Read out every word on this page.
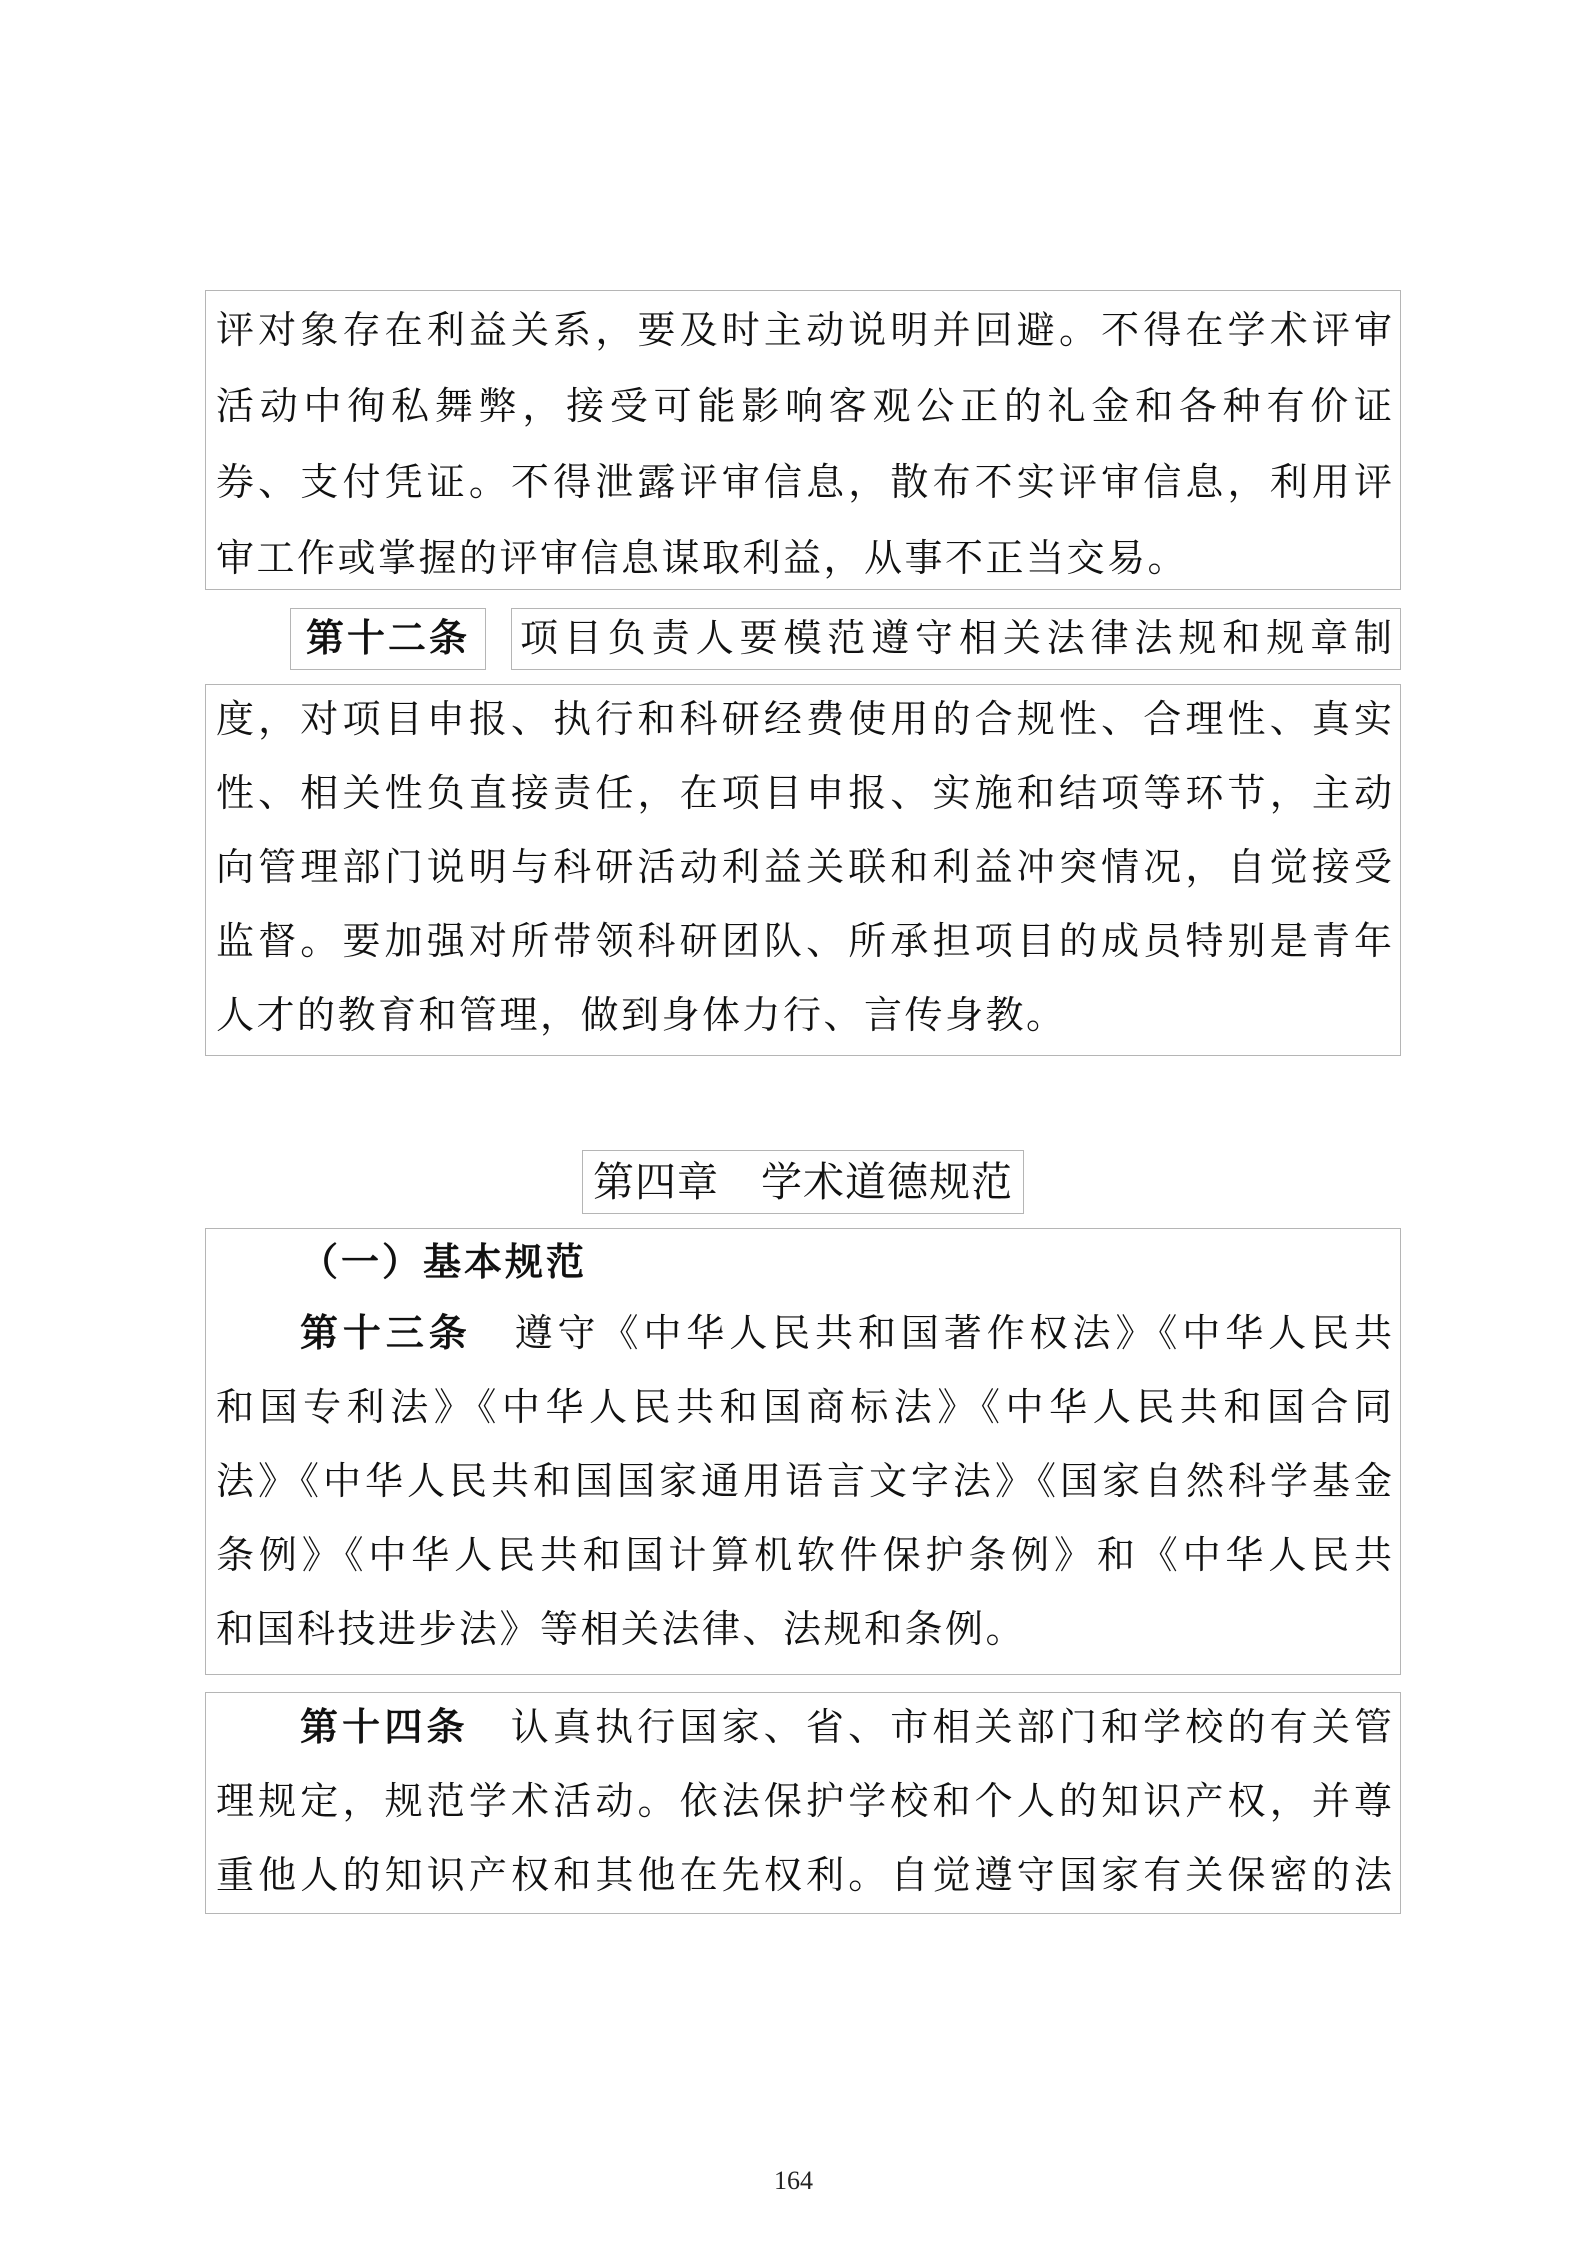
评对象存在利益关系，要及时主动说明并回避。不得在学术评审
活动中徇私舞弊，接受可能影响客观公正的礼金和各种有价证
券、支付凭证。不得泄露评审信息，散布不实评审信息，利用评
审工作或掌握的评审信息谋取利益，从事不正当交易。
第十二条	项目负责人要模范遵守相关法律法规和规章制
度，对项目申报、执行和科研经费使用的合规性、合理性、真实
性、相关性负直接责任，在项目申报、实施和结项等环节，主动
向管理部门说明与科研活动利益关联和利益冲突情况，自觉接受
监督。要加强对所带领科研团队、所承担项目的成员特别是青年
人才的教育和管理，做到身体力行、言传身教。
第四章　学术道德规范
（一）基本规范
第十三条 遵守《中华人民共和国著作权法》《中华人民共
和国专利法》《中华人民共和国商标法》《中华人民共和国合同
法》《中华人民共和国国家通用语言文字法》《国家自然科学基金
条例》《中华人民共和国计算机软件保护条例》和《中华人民共
和国科技进步法》等相关法律、法规和条例。
第十四条 认真执行国家、省、市相关部门和学校的有关管
理规定，规范学术活动。依法保护学校和个人的知识产权，并尊
重他人的知识产权和其他在先权利。自觉遵守国家有关保密的法
164
